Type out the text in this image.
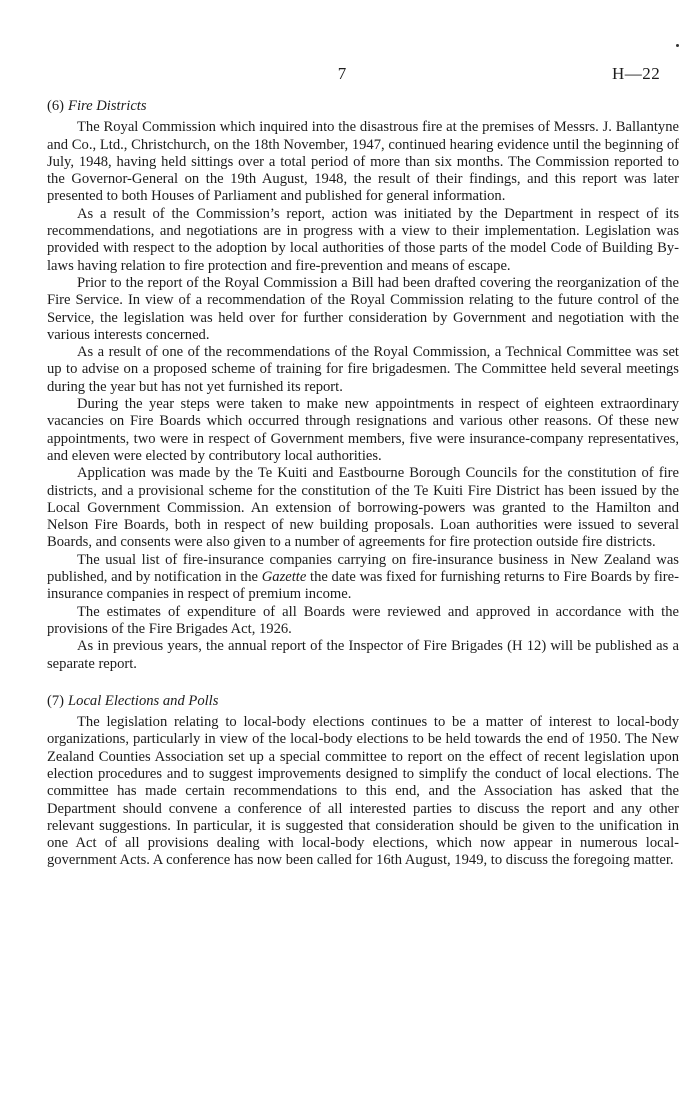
7	H—22
(6) Fire Districts

The Royal Commission which inquired into the disastrous fire at the premises of Messrs. J. Ballantyne and Co., Ltd., Christchurch, on the 18th November, 1947, continued hearing evidence until the beginning of July, 1948, having held sittings over a total period of more than six months. The Commission reported to the Governor-General on the 19th August, 1948, the result of their findings, and this report was later presented to both Houses of Parliament and published for general information.

As a result of the Commission’s report, action was initiated by the Department in respect of its recommendations, and negotiations are in progress with a view to their implementation. Legislation was provided with respect to the adoption by local authorities of those parts of the model Code of Building By-laws having relation to fire protection and fire-prevention and means of escape.

Prior to the report of the Royal Commission a Bill had been drafted covering the reorganization of the Fire Service. In view of a recommendation of the Royal Commission relating to the future control of the Service, the legislation was held over for further consideration by Government and negotiation with the various interests concerned.

As a result of one of the recommendations of the Royal Commission, a Technical Committee was set up to advise on a proposed scheme of training for fire brigadesmen. The Committee held several meetings during the year but has not yet furnished its report.

During the year steps were taken to make new appointments in respect of eighteen extraordinary vacancies on Fire Boards which occurred through resignations and various other reasons. Of these new appointments, two were in respect of Government members, five were insurance-company representatives, and eleven were elected by contributory local authorities.

Application was made by the Te Kuiti and Eastbourne Borough Councils for the constitution of fire districts, and a provisional scheme for the constitution of the Te Kuiti Fire District has been issued by the Local Government Commission. An extension of borrowing-powers was granted to the Hamilton and Nelson Fire Boards, both in respect of new building proposals. Loan authorities were issued to several Boards, and consents were also given to a number of agreements for fire protection outside fire districts.

The usual list of fire-insurance companies carrying on fire-insurance business in New Zealand was published, and by notification in the Gazette the date was fixed for furnishing returns to Fire Boards by fire-insurance companies in respect of premium income.

The estimates of expenditure of all Boards were reviewed and approved in accordance with the provisions of the Fire Brigades Act, 1926.

As in previous years, the annual report of the Inspector of Fire Brigades (H 12) will be published as a separate report.

(7) Local Elections and Polls

The legislation relating to local-body elections continues to be a matter of interest to local-body organizations, particularly in view of the local-body elections to be held towards the end of 1950. The New Zealand Counties Association set up a special committee to report on the effect of recent legislation upon election procedures and to suggest improvements designed to simplify the conduct of local elections. The committee has made certain recommendations to this end, and the Association has asked that the Department should convene a conference of all interested parties to discuss the report and any other relevant suggestions. In particular, it is suggested that consideration should be given to the unification in one Act of all provisions dealing with local-body elections, which now appear in numerous local-government Acts. A conference has now been called for 16th August, 1949, to discuss the foregoing matter.
